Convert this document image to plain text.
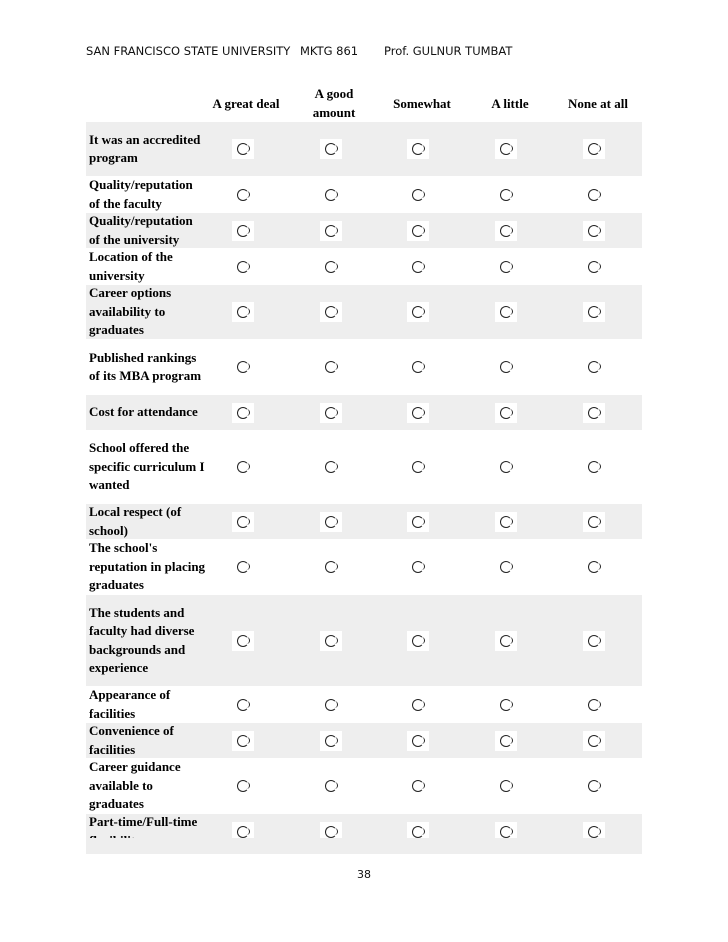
SAN FRANCISCO STATE UNIVERSITY MKTG 861 Prof. GULNUR TUMBAT
A great deal
A good amount
Somewhat	A little	None at all
It was an accredited program
Quality/reputation of the faculty
Quality/reputation of the university
Location of the university
Career options availability to graduates
Published rankings of its MBA program
Cost for attendance
School offered the specific curriculum I wanted
Local respect (of school)
The school's reputation in placing graduates
The students and faculty had diverse backgrounds and experience
Appearance of facilities
Convenience of facilities
Career guidance available to graduates
Part-time/Full-time
38
